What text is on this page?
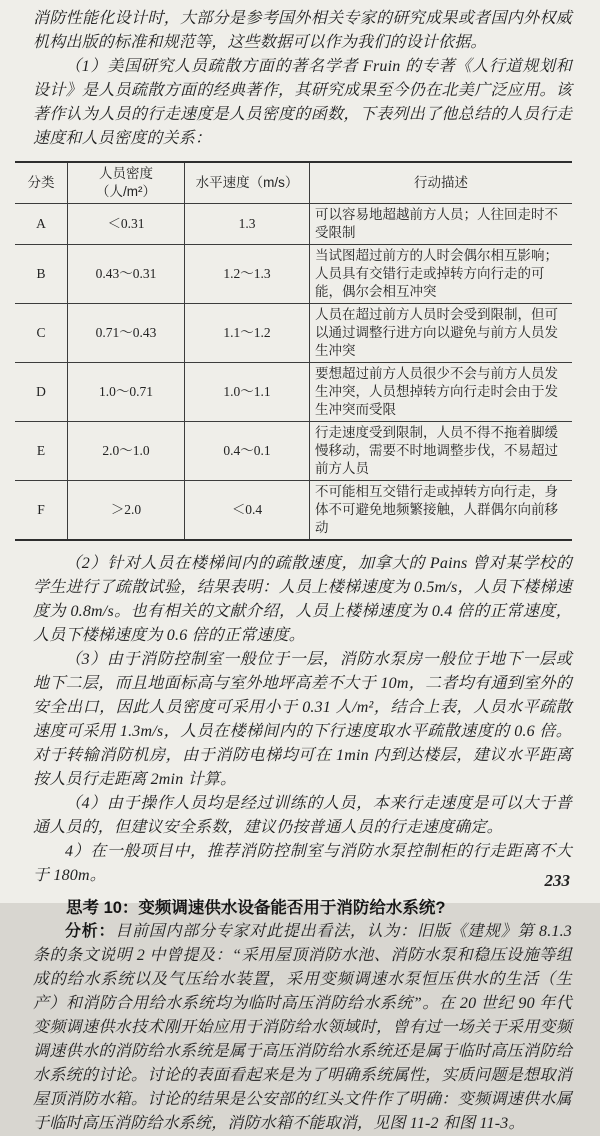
消防性能化设计时，大部分是参考国外相关专家的研究成果或者国内外权威机构出版的标准和规范等，这些数据可以作为我们的设计依据。

（1）美国研究人员疏散方面的著名学者 Fruin 的专著《人行道规划和设计》是人员疏散方面的经典著作，其研究成果至今仍在北美广泛应用。该著作认为人员的行走速度是人员密度的函数，下表列出了他总结的人员行走速度和人员密度的关系：

分类	人员密度（人/m²）	水平速度（m/s）	行动描述
A	＜0.31	1.3	可以容易地超越前方人员；人往回走时不受限制
B	0.43～0.31	1.2～1.3	当试图超过前方的人时会偶尔相互影响；人员具有交错行走或掉转方向行走的可能，偶尔会相互冲突
C	0.71～0.43	1.1～1.2	人员在超过前方人员时会受到限制，但可以通过调整行进方向以避免与前方人员发生冲突
D	1.0～0.71	1.0～1.1	要想超过前方人员很少不会与前方人员发生冲突，人员想掉转方向行走时会由于发生冲突而受限
E	2.0～1.0	0.4～0.1	行走速度受到限制，人员不得不拖着脚缓慢移动，需要不时地调整步伐，不易超过前方人员
F	＞2.0	＜0.4	不可能相互交错行走或掉转方向行走，身体不可避免地频繁接触，人群偶尔向前移动

（2）针对人员在楼梯间内的疏散速度，加拿大的 Pains 曾对某学校的学生进行了疏散试验，结果表明：人员上楼梯速度为 0.5m/s，人员下楼梯速度为 0.8m/s。也有相关的文献介绍，人员上楼梯速度为 0.4 倍的正常速度，人员下楼梯速度为 0.6 倍的正常速度。

（3）由于消防控制室一般位于一层，消防水泵房一般位于地下一层或地下二层，而且地面标高与室外地坪高差不大于 10m，二者均有通到室外的安全出口，因此人员密度可采用小于 0.31 人/m²，结合上表，人员水平疏散速度可采用 1.3m/s，人员在楼梯间内的下行速度取水平疏散速度的 0.6 倍。对于转输消防机房，由于消防电梯均可在 1min 内到达楼层，建议水平距离按人员行走距离 2min 计算。

（4）由于操作人员均是经过训练的人员，本来行走速度是可以大于普通人员的，但建议安全系数，建议仍按普通人员的行走速度确定。

4）在一般项目中，推荐消防控制室与消防水泵控制柜的行走距离不大于 180m。

思考 10：变频调速供水设备能否用于消防给水系统?

分析：目前国内部分专家对此提出看法，认为：旧版《建规》第 8.1.3 条的条文说明 2 中曾提及：“采用屋顶消防水池、消防水泵和稳压设施等组成的给水系统以及气压给水装置，采用变频调速水泵恒压供水的生活（生产）和消防合用给水系统均为临时高压消防给水系统”。在 20 世纪 90 年代变频调速供水技术刚开始应用于消防给水领域时，曾有过一场关于采用变频调速供水的消防给水系统是属于高压消防给水系统还是属于临时高压消防给水系统的讨论。讨论的表面看起来是为了明确系统属性，实质问题是想取消屋顶消防水箱。讨论的结果是公安部的红头文件作了明确：变频调速供水属于临时高压消防给水系统，消防水箱不能取消，见图 11-2 和图 11-3。

233
